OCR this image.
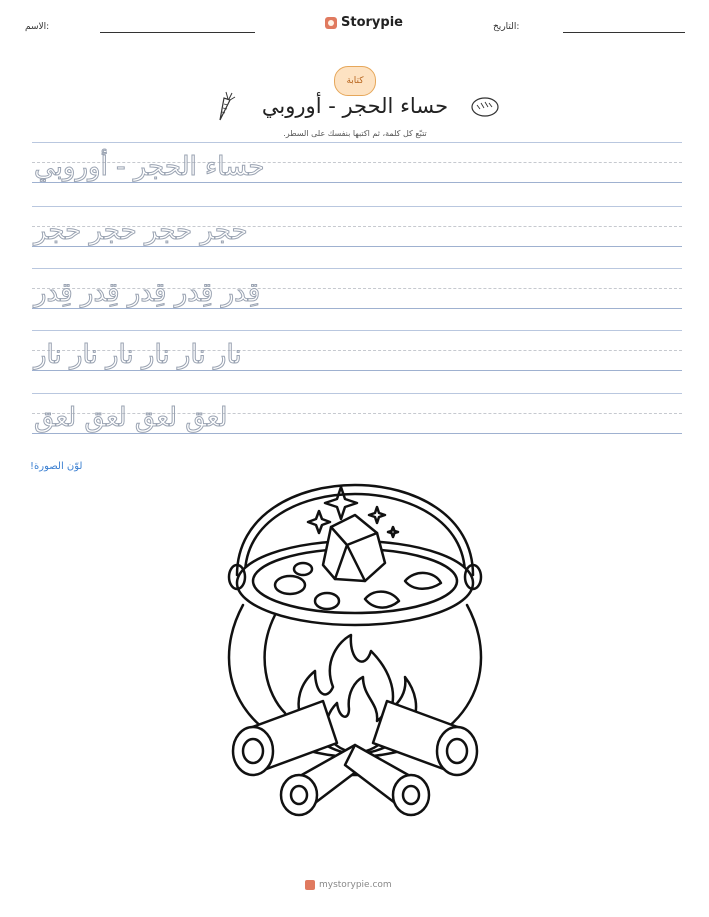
الاسم:	Storypie	التاريخ:
كتابة
حساء الحجر - أوروبي
تتبّع كل كلمة، ثم اكتبها بنفسك على السطر.
حساء الحجر - أوروبي
حجر حجر حجر حجر
قِدر قِدر قِدر قِدر قِدر
نار نار نار نار نار نار
لعق لعق لعق لعق
لوّن الصورة!
mystorypie.com
